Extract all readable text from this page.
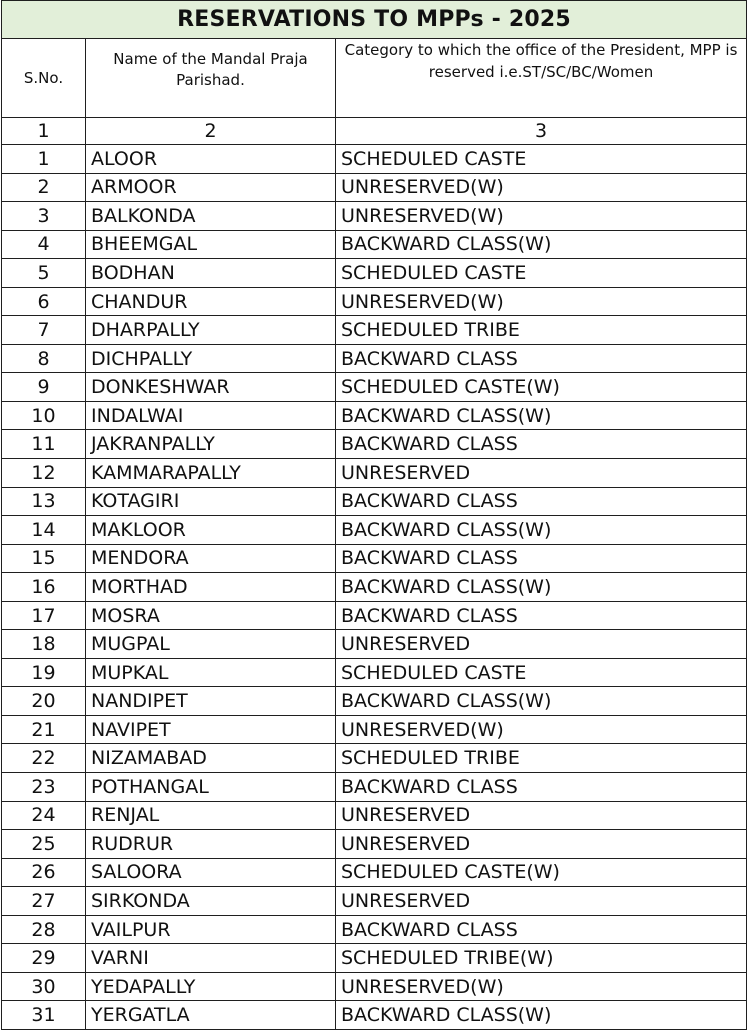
RESERVATIONS TO MPPs - 2025		
S.No.	Name of the Mandal Praja Parishad.	Category to which the office of the President, MPP is reserved i.e.ST/SC/BC/Women
1	2	3
1	ALOOR	SCHEDULED CASTE
2	ARMOOR	UNRESERVED(W)
3	BALKONDA	UNRESERVED(W)
4	BHEEMGAL	BACKWARD CLASS(W)
5	BODHAN	SCHEDULED CASTE
6	CHANDUR	UNRESERVED(W)
7	DHARPALLY	SCHEDULED TRIBE
8	DICHPALLY	BACKWARD CLASS
9	DONKESHWAR	SCHEDULED CASTE(W)
10	INDALWAI	BACKWARD CLASS(W)
11	JAKRANPALLY	BACKWARD CLASS
12	KAMMARAPALLY	UNRESERVED
13	KOTAGIRI	BACKWARD CLASS
14	MAKLOOR	BACKWARD CLASS(W)
15	MENDORA	BACKWARD CLASS
16	MORTHAD	BACKWARD CLASS(W)
17	MOSRA	BACKWARD CLASS
18	MUGPAL	UNRESERVED
19	MUPKAL	SCHEDULED CASTE
20	NANDIPET	BACKWARD CLASS(W)
21	NAVIPET	UNRESERVED(W)
22	NIZAMABAD	SCHEDULED TRIBE
23	POTHANGAL	BACKWARD CLASS
24	RENJAL	UNRESERVED
25	RUDRUR	UNRESERVED
26	SALOORA	SCHEDULED CASTE(W)
27	SIRKONDA	UNRESERVED
28	VAILPUR	BACKWARD CLASS
29	VARNI	SCHEDULED TRIBE(W)
30	YEDAPALLY	UNRESERVED(W)
31	YERGATLA	BACKWARD CLASS(W)
